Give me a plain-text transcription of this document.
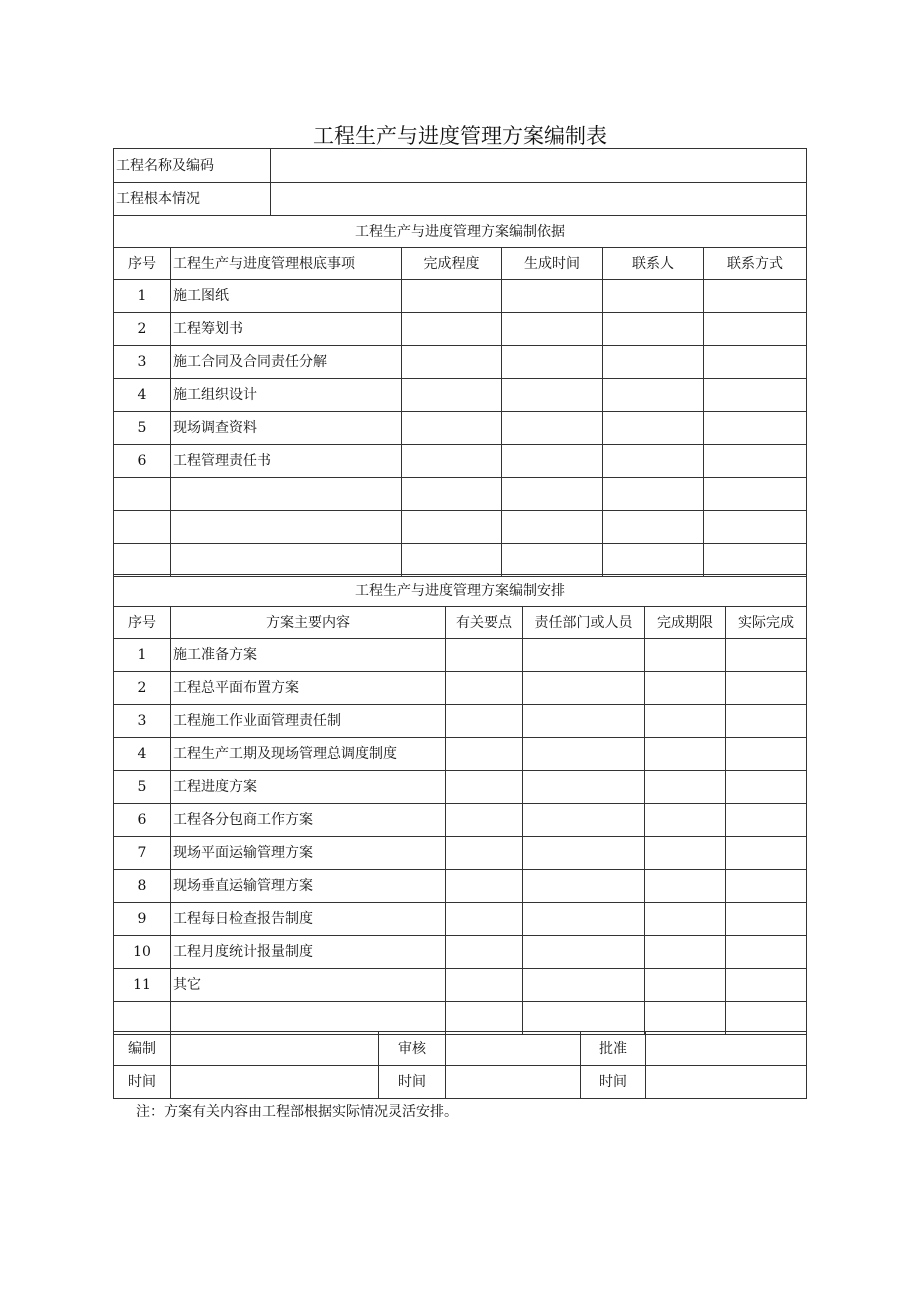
工程生产与进度管理方案编制表
工程名称及编码	
工程根本情况	
工程生产与进度管理方案编制依据					
序号	工程生产与进度管理根底事项	完成程度	生成时间	联系人	联系方式
1	施工图纸				
2	工程筹划书				
3	施工合同及合同责任分解				
4	施工组织设计				
5	现场调查资料				
6	工程管理责任书				

工程生产与进度管理方案编制安排					
序号	方案主要内容	有关要点	责任部门或人员	完成期限	实际完成
1	施工准备方案				
2	工程总平面布置方案				
3	工程施工作业面管理责任制				
4	工程生产工期及现场管理总调度制度				
5	工程进度方案				
6	工程各分包商工作方案				
7	现场平面运输管理方案				
8	现场垂直运输管理方案				
9	工程每日检查报告制度				
10	工程月度统计报量制度				
11	其它				

编制		审核		批准	
时间		时间		时间	
注：方案有关内容由工程部根据实际情况灵活安排。
